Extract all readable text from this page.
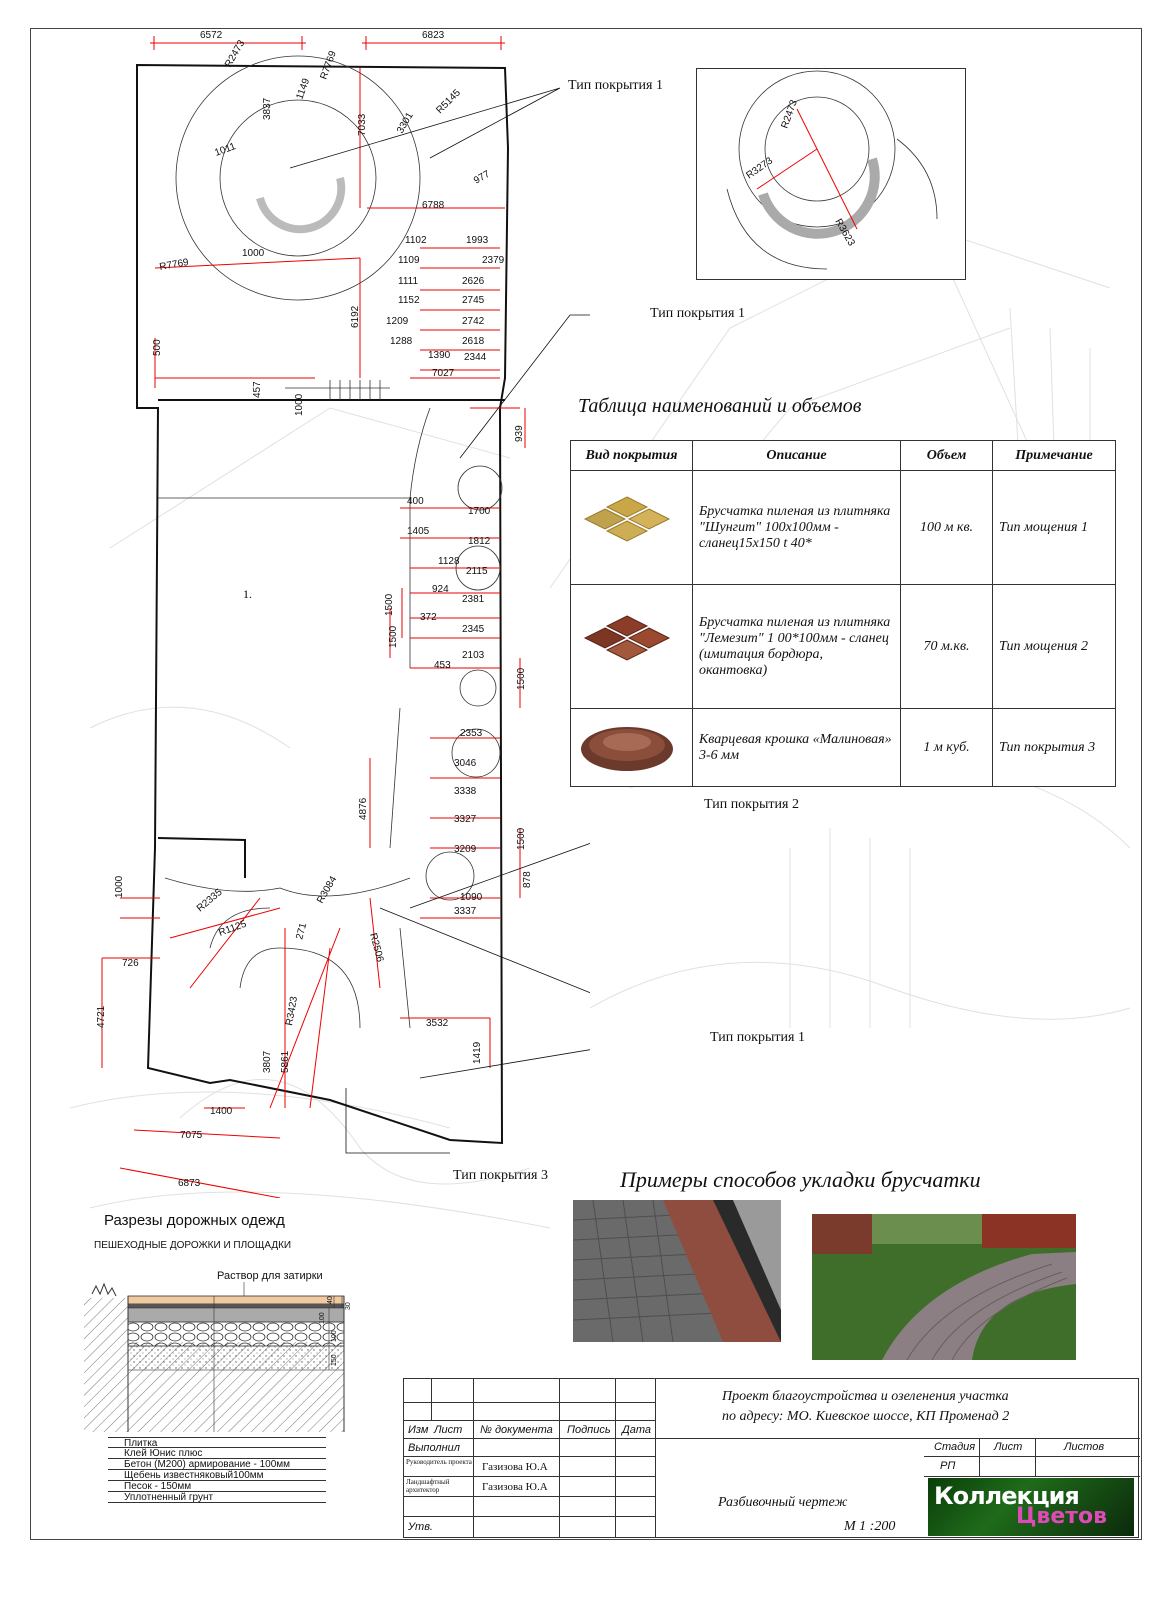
1.
6572	6823
R2473
3837
1149
R7769
7033	3301
R5145
1011
977
6788
1102	1993
1109	2379
1111	2626
1152	2745
1209	2742
1288	2618
1390 2344
1000
R7769
6192
500
457
1000
7027
939
400
1700
1405
1812
1128
2115
924
2381
372
2345
1500
1500
453
2103
1500
2353
3046
4876
3338
3327
1500
3209
878
1090
3337
1000
R2335
R1125
R3084
271
R2506
726
4721
3807 5861
R3423	3532
1419
1400
7075
6873
Тип покрытия 1
Тип покрытия 1
Тип покрытия 2
Тип покрытия 1
Тип покрытия 3
R2473
R3273
R3623
Таблица наименований и объемов
Вид покрытия	Описание	Объем	Примечание
	Брусчатка пиленая из плитняка "Шунгит" 100х100мм - сланец15х150 t 40*	100 м кв.	Тип мощения 1
	Брусчатка пиленая из плитняка "Лемезит" 1 00*100мм - сланец (имитация бордюра, окантовка)	70 м.кв.	Тип мощения 2
	Кварцевая крошка «Малиновая» 3-6 мм	1 м куб.	Тип покрытия 3
Примеры способов укладки брусчатки
Разрезы дорожных одежд
ПЕШЕХОДНЫЕ ДОРОЖКИ И ПЛОЩАДКИ
Раствор для затирки
40
30
100
100
150
Плитка
Клей Юнис плюс
Бетон (М200) армирование - 100мм
Щебень известняковый100мм
Песок - 150мм
Уплотненный грунт
Изм Лист № документа Подпись Дата
Выполнил
Руководитель проекта Газизова Ю.А
Ландшафтный архитектор	Газизова Ю.А
Утв.
Проект благоустройства и озеленения участка
по адресу: МО. Киевское шоссе, КП Променад 2
Стадия Лист	Листов
РП
Разбивочный чертеж
М 1 :200
Коллекция
Цветов
